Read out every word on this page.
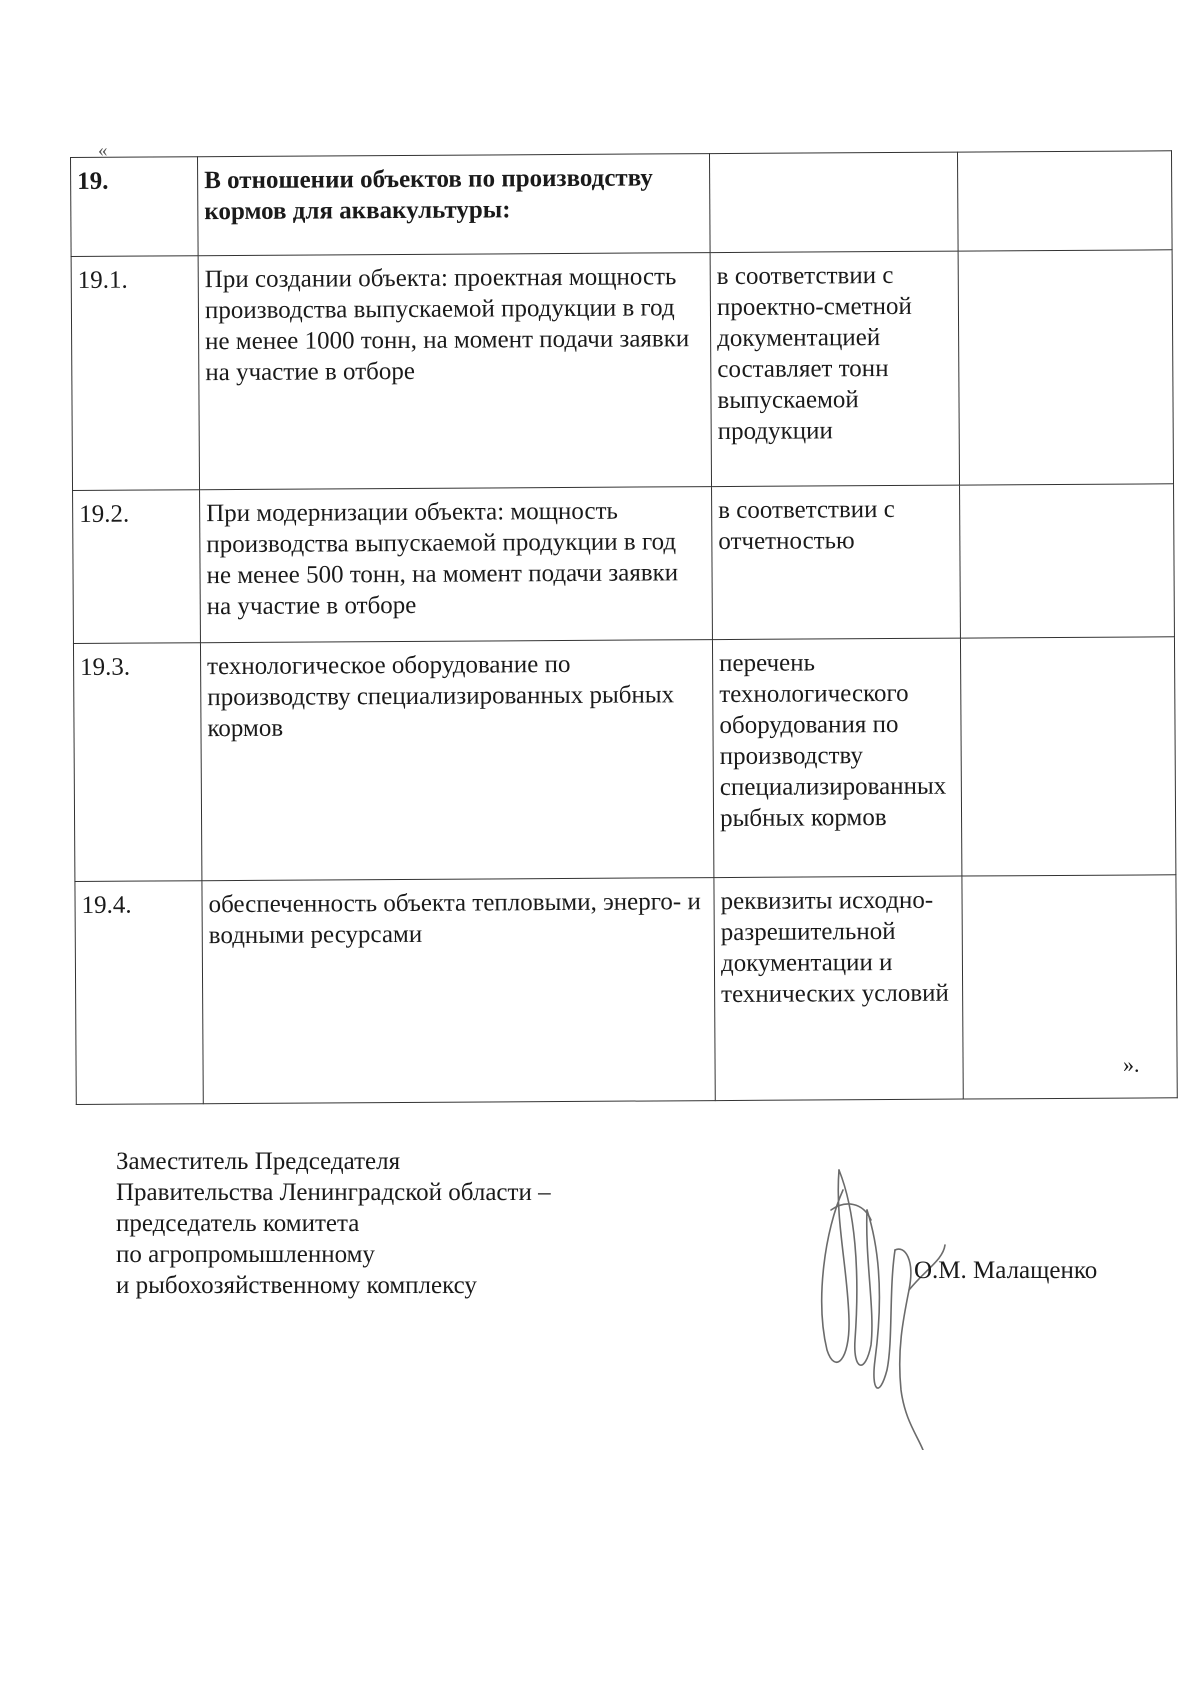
«
19.	В отношении объектов по производству кормов для аквакультуры:		
19.1.	При создании объекта: проектная мощность производства выпускаемой продукции в год не менее 1000 тонн, на момент подачи заявки на участие в отборе	в соответствии с проектно-сметной документацией составляет тонн выпускаемой продукции	
19.2.	При модернизации объекта: мощность производства выпускаемой продукции в год не менее 500 тонн, на момент подачи заявки на участие в отборе	в соответствии с отчетностью	
19.3.	технологическое оборудование по производству специализированных рыбных кормов	перечень технологического оборудования по производству специализированных рыбных кормов	
19.4.	обеспеченность объекта тепловыми, энерго- и водными ресурсами	реквизиты исходно-разрешительной документации и технических условий	
».
Заместитель Председателя
Правительства Ленинградской области –
председатель комитета
по агропромышленному
и рыбохозяйственному комплексу
О.М. Малащенко
